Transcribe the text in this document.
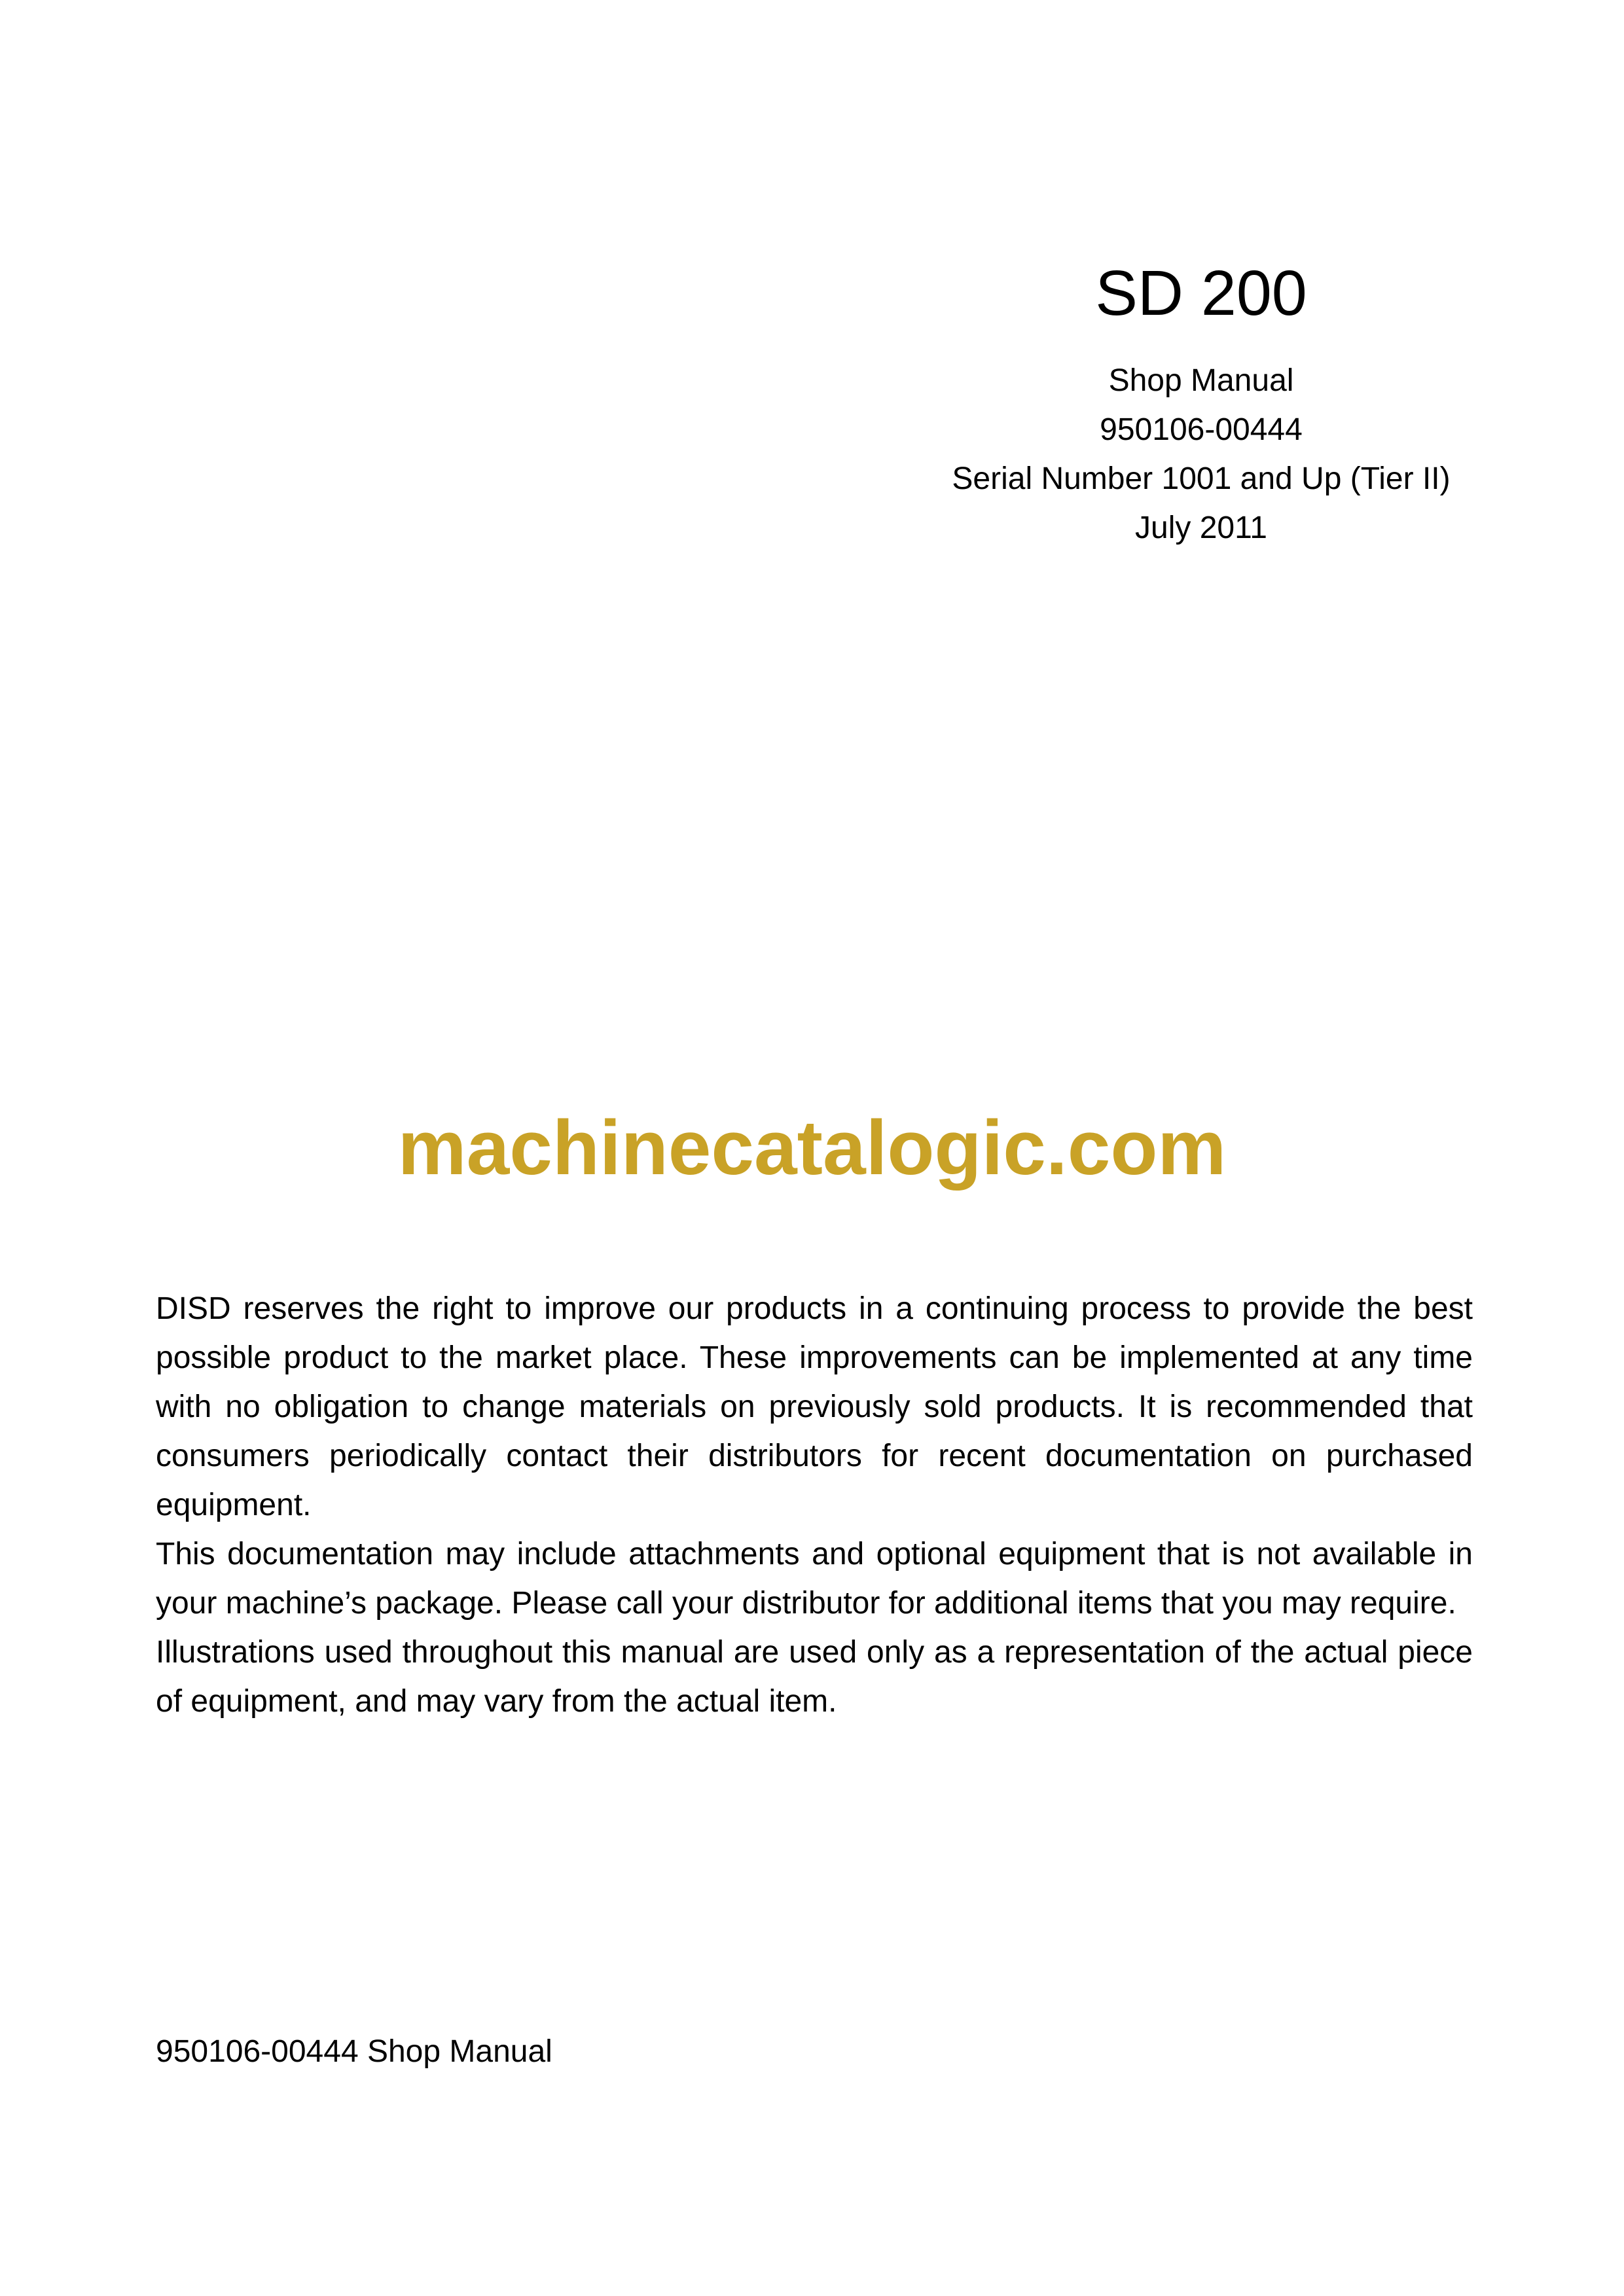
SD 200

Shop Manual

950106-00444

Serial Number 1001 and Up (Tier II)

July 2011

machinecatalogic.com

DISD reserves the right to improve our products in a continuing process to provide the best possible product to the market place. These improvements can be implemented at any time with no obligation to change materials on previously sold products. It is recommended that consumers periodically contact their distributors for recent documentation on purchased equipment.

This documentation may include attachments and optional equipment that is not available in your machine’s package. Please call your distributor for additional items that you may require.

Illustrations used throughout this manual are used only as a representation of the actual piece of equipment, and may vary from the actual item.

950106-00444 Shop Manual
